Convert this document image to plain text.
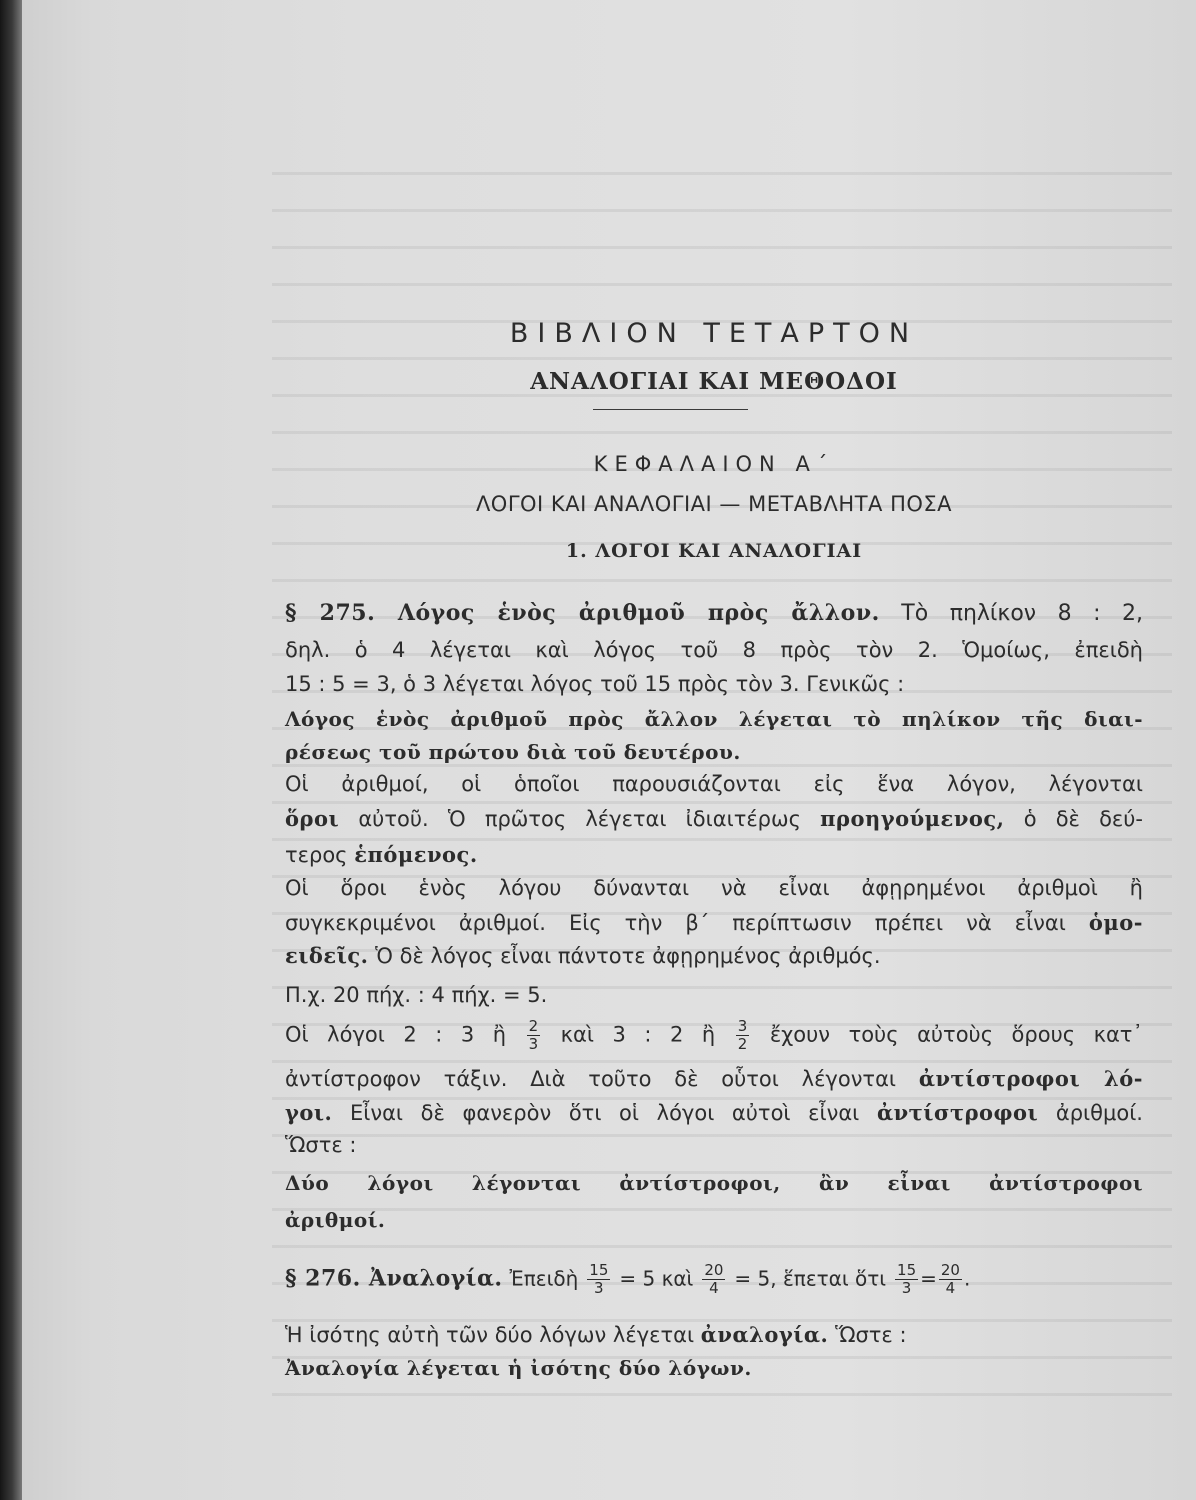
ΒΙΒΛΙΟΝ ΤΕΤΑΡΤΟΝ
ΑΝΑΛΟΓΙΑΙ ΚΑΙ ΜΕΘΟΔΟΙ
ΚΕΦΑΛΑΙΟΝ Α΄
ΛΟΓΟΙ ΚΑΙ ΑΝΑΛΟΓΙΑΙ — ΜΕΤΑΒΛΗΤΑ ΠΟΣΑ
1. ΛΟΓΟΙ ΚΑΙ ΑΝΑΛΟΓΙΑΙ
§ 275. Λόγος ἑνὸς ἀριθμοῦ πρὸς ἄλλον. Τὸ πηλίκον 8 : 2,
δηλ. ὁ 4 λέγεται καὶ λόγος τοῦ 8 πρὸς τὸν 2. Ὁμοίως, ἐπειδὴ
15 : 5 = 3, ὁ 3 λέγεται λόγος τοῦ 15 πρὸς τὸν 3. Γενικῶς :
Λόγος ἑνὸς ἀριθμοῦ πρὸς ἄλλον λέγεται τὸ πηλίκον τῆς διαι-
ρέσεως τοῦ πρώτου διὰ τοῦ δευτέρου.
Οἱ ἀριθμοί, οἱ ὁποῖοι παρουσιάζονται εἰς ἕνα λόγον, λέγονται
ὅροι αὐτοῦ. Ὁ πρῶτος λέγεται ἰδιαιτέρως προηγούμενος, ὁ δὲ δεύ-
τερος ἑπόμενος.
Οἱ ὅροι ἑνὸς λόγου δύνανται νὰ εἶναι ἀφῃρημένοι ἀριθμοὶ ἢ
συγκεκριμένοι ἀριθμοί. Εἰς τὴν β΄ περίπτωσιν πρέπει νὰ εἶναι ὁμο-
ειδεῖς. Ὁ δὲ λόγος εἶναι πάντοτε ἀφῃρημένος ἀριθμός.
Π.χ. 20 πήχ. : 4 πήχ. = 5.
Οἱ λόγοι 2 : 3 ἢ $\frac{2}{3}$ καὶ 3 : 2 ἢ $\frac{3}{2}$ ἔχουν τοὺς αὐτοὺς ὅρους κατ᾽
ἀντίστροφον τάξιν. Διὰ τοῦτο δὲ οὗτοι λέγονται ἀντίστροφοι λό-
γοι. Εἶναι δὲ φανερὸν ὅτι οἱ λόγοι αὐτοὶ εἶναι ἀντίστροφοι ἀριθμοί.
Ὥστε :
Δύο λόγοι λέγονται ἀντίστροφοι, ἂν εἶναι ἀντίστροφοι
ἀριθμοί.
§ 276. Ἀναλογία. Ἐπειδὴ $\frac{15}{3} = 5$ καὶ $\frac{20}{4} = 5$, ἕπεται ὅτι $\frac{15}{3} = \frac{20}{4}$ .
Ἡ ἰσότης αὐτὴ τῶν δύο λόγων λέγεται ἀναλογία. Ὥστε :
Ἀναλογία λέγεται ἡ ἰσότης δύο λόγων.
